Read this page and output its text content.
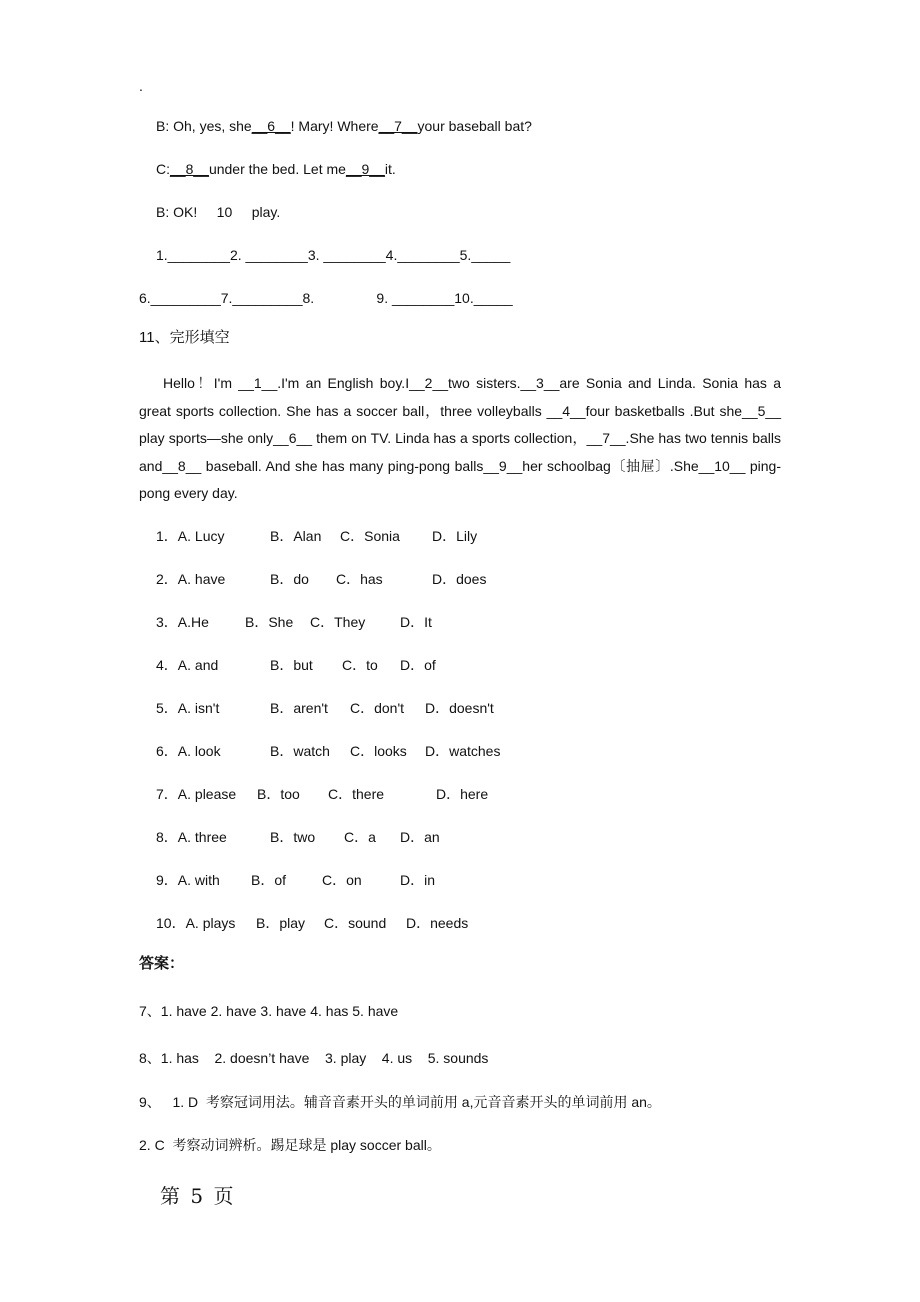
.
B: Oh, yes, she__6__! Mary! Where__7__your baseball bat?
C:__8__under the bed. Let me__9__it.
B: OK!     10     play.
1.________2. ________3. ________4.________5._____
6._________7._________8.                9. ________10._____
11、完形填空
Hello！I'm __1__.I'm an English boy.I__2__two sisters.__3__are Sonia and Linda. Sonia has a great sports collection. She has a soccer ball，three volleyballs __4__four basketballs .But she__5__ play sports—she only__6__ them on TV. Linda has a sports collection，__7__.She has two tennis balls and__8__ baseball. And she has many ping-pong balls__9__her schoolbag〔抽屉〕.She__10__ ping-pong every day.
1．A. Lucy	B．Alan C．Sonia D．Lily
2．A. have	B．do C．has	D．does
3．A.He	B．She C．They D．It
4．A. and	B．but C．to D．of
5．A. isn't	B．aren't C．don't D．doesn't
6．A. look	B．watch C．looks D．watches
7．A. please B．too C．there	D．here
8．A. three	B．two C．a D．an
9．A. with B．of	C．on	D．in
10．A. plays B．play C．sound D．needs
答案：
7、1. have 2. have 3. have 4. has 5. have
8、1. has    2. doesn’t have    3. play    4. us    5. sounds
9、   1. D  考察冠词用法。辅音音素开头的单词前用 a,元音音素开头的单词前用 an。
2. C  考察动词辨析。踢足球是 play soccer ball。
第 5 页
